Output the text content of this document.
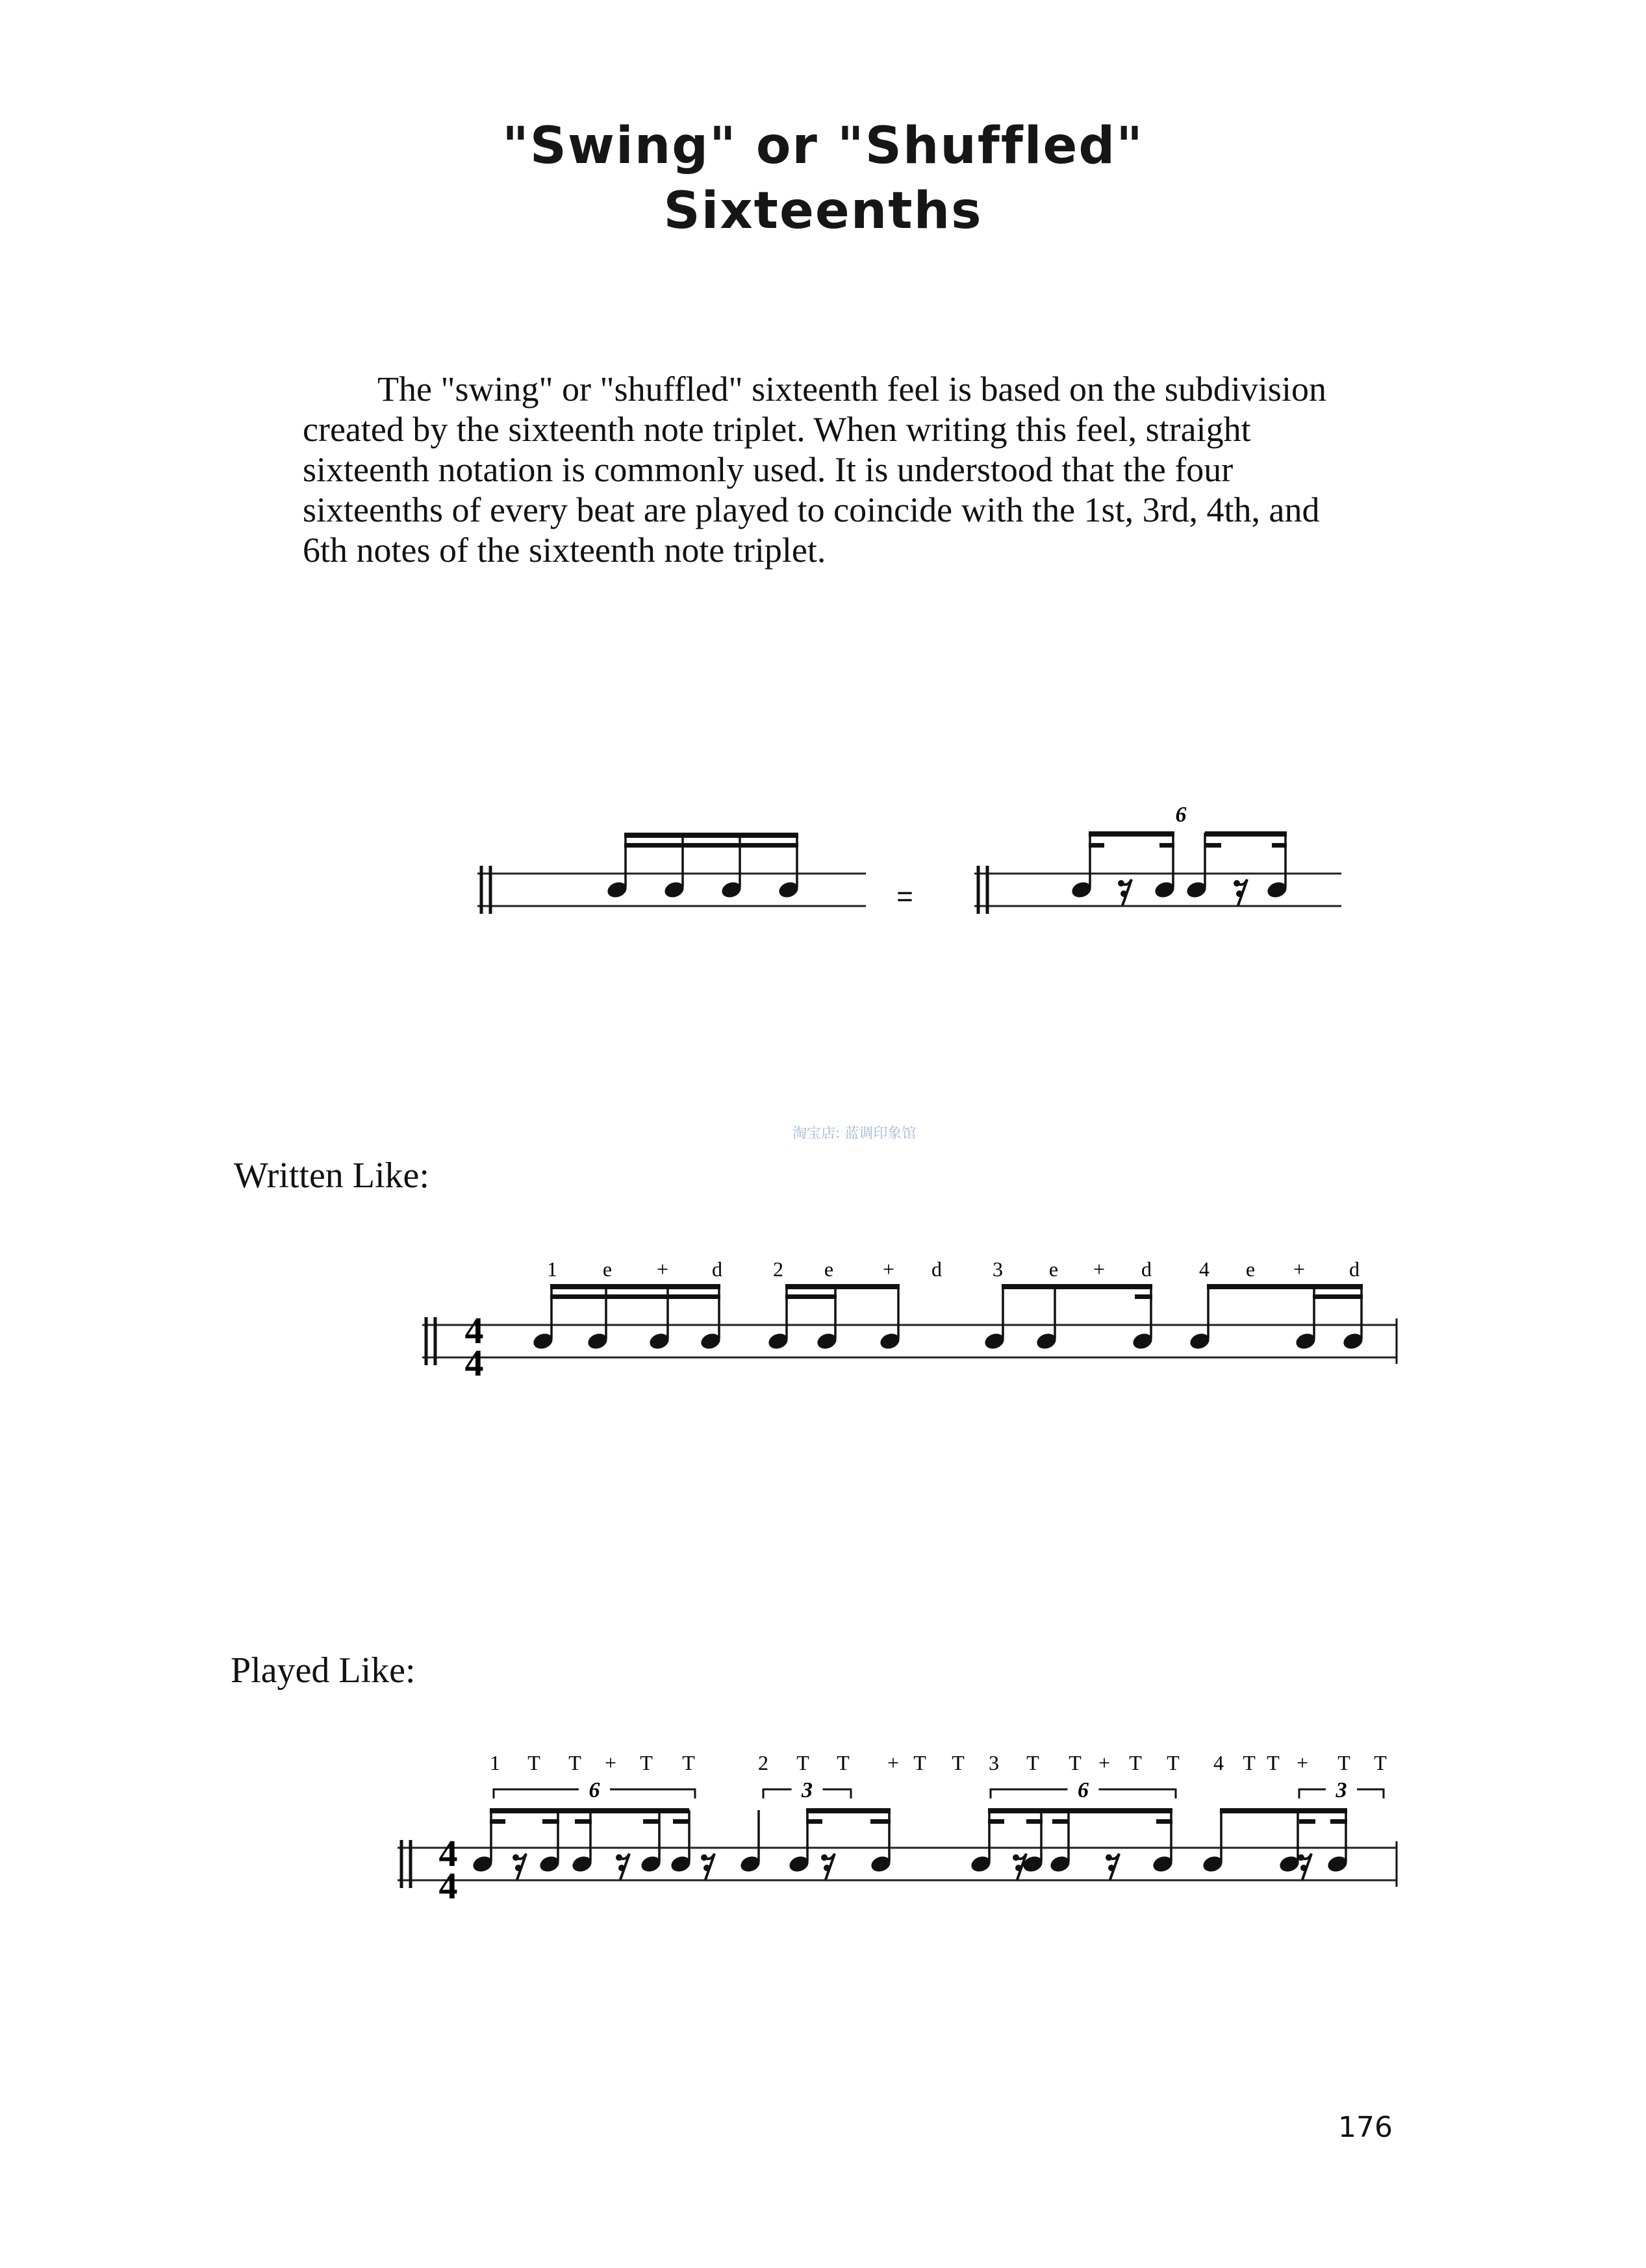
"Swing" or "Shuffled"
Sixteenths

The "swing" or "shuffled" sixteenth feel is based on the subdivision
created by the sixteenth note triplet. When writing this feel, straight
sixteenth notation is commonly used. It is understood that the four
sixteenths of every beat are played to coincide with the 1st, 3rd, 4th, and
6th notes of the sixteenth note triplet.

淘宝店: 蓝调印象馆
Written Like:
Played Like:
=
6
4
4
1 e + d 2 e + d 3 e + d 4 e + d
4
4
1 T T + T T	2 T T + T T 3 T T + T T 4 T T + T T
6	3	6	3
176
